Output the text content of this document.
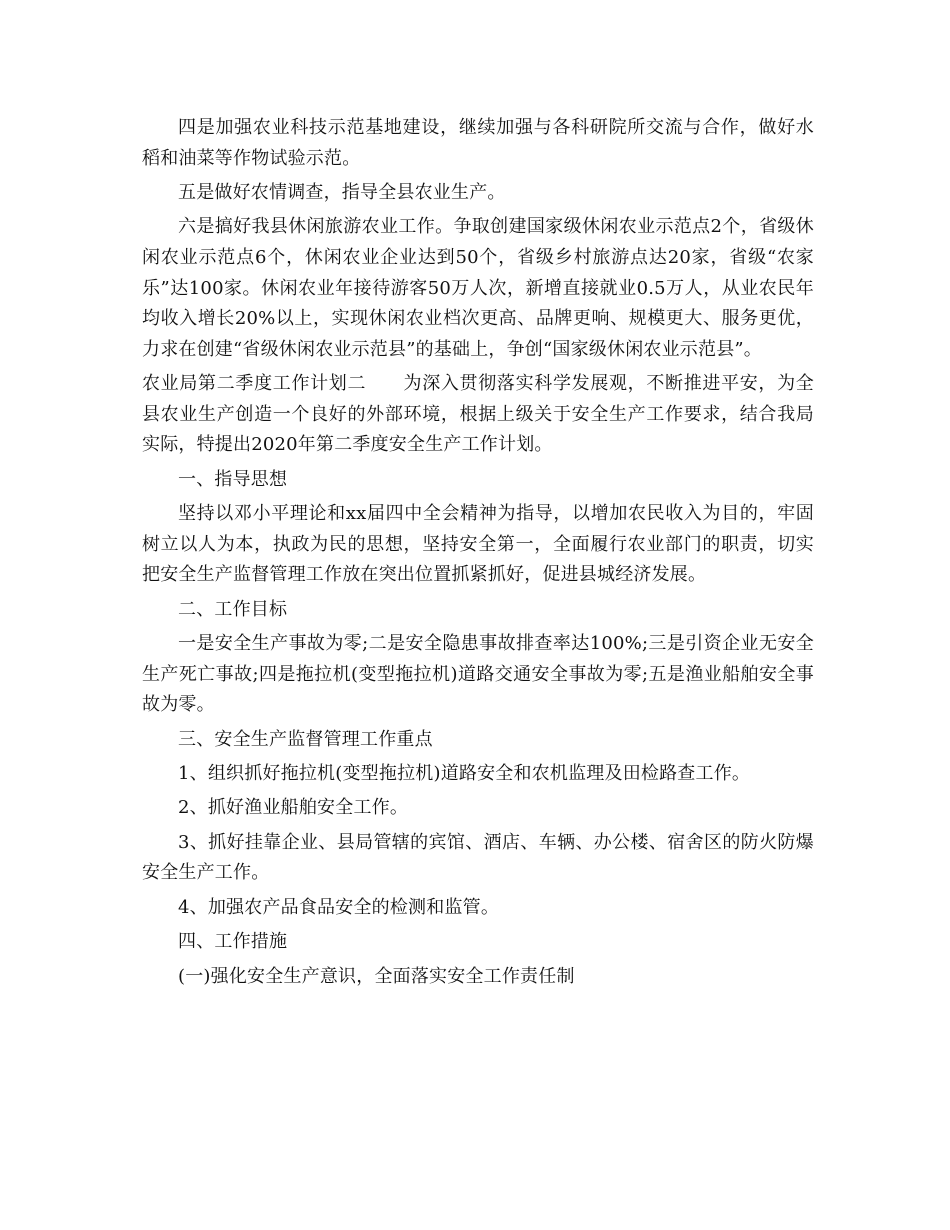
四是加强农业科技示范基地建设，继续加强与各科研院所交流与合作，做好水稻和油菜等作物试验示范。

五是做好农情调查，指导全县农业生产。

六是搞好我县休闲旅游农业工作。争取创建国家级休闲农业示范点2个，省级休闲农业示范点6个，休闲农业企业达到50个，省级乡村旅游点达20家，省级“农家乐”达100家。休闲农业年接待游客50万人次，新增直接就业0.5万人，从业农民年均收入增长20%以上，实现休闲农业档次更高、品牌更响、规模更大、服务更优，力求在创建“省级休闲农业示范县”的基础上，争创“国家级休闲农业示范县”。

农业局第二季度工作计划二　　为深入贯彻落实科学发展观，不断推进平安，为全县农业生产创造一个良好的外部环境，根据上级关于安全生产工作要求，结合我局实际，特提出2020年第二季度安全生产工作计划。

一、指导思想

坚持以邓小平理论和xx届四中全会精神为指导，以增加农民收入为目的，牢固树立以人为本，执政为民的思想，坚持安全第一，全面履行农业部门的职责，切实把安全生产监督管理工作放在突出位置抓紧抓好，促进县城经济发展。

二、工作目标

一是安全生产事故为零;二是安全隐患事故排查率达100%;三是引资企业无安全生产死亡事故;四是拖拉机(变型拖拉机)道路交通安全事故为零;五是渔业船舶安全事故为零。

三、安全生产监督管理工作重点

1、组织抓好拖拉机(变型拖拉机)道路安全和农机监理及田检路查工作。

2、抓好渔业船舶安全工作。

3、抓好挂靠企业、县局管辖的宾馆、酒店、车辆、办公楼、宿舍区的防火防爆安全生产工作。

4、加强农产品食品安全的检测和监管。

四、工作措施

(一)强化安全生产意识，全面落实安全工作责任制
